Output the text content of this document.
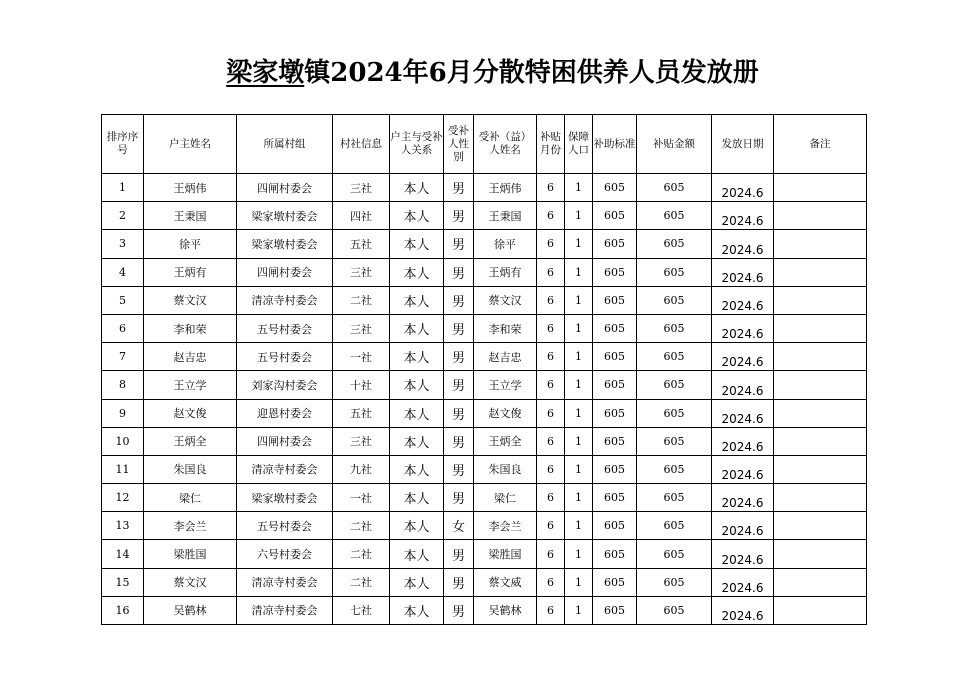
梁家墩镇2024年6月分散特困供养人员发放册
排序序号	户主姓名	所属村组	村社信息	户主与受补人关系	受补人性别	受补（益）人姓名	补贴月份	保障人口	补助标准	补贴金额	发放日期	备注
1	王炳伟	四闸村委会	三社	本人	男	王炳伟	6	1	605	605	2024.6	
2	王秉国	梁家墩村委会	四社	本人	男	王秉国	6	1	605	605	2024.6	
3	徐平	梁家墩村委会	五社	本人	男	徐平	6	1	605	605	2024.6	
4	王炳有	四闸村委会	三社	本人	男	王炳有	6	1	605	605	2024.6	
5	蔡文汉	清凉寺村委会	二社	本人	男	蔡文汉	6	1	605	605	2024.6	
6	李和荣	五号村委会	三社	本人	男	李和荣	6	1	605	605	2024.6	
7	赵吉忠	五号村委会	一社	本人	男	赵吉忠	6	1	605	605	2024.6	
8	王立学	刘家沟村委会	十社	本人	男	王立学	6	1	605	605	2024.6	
9	赵文俊	迎恩村委会	五社	本人	男	赵文俊	6	1	605	605	2024.6	
10	王炳全	四闸村委会	三社	本人	男	王炳全	6	1	605	605	2024.6	
11	朱国良	清凉寺村委会	九社	本人	男	朱国良	6	1	605	605	2024.6	
12	梁仁	梁家墩村委会	一社	本人	男	梁仁	6	1	605	605	2024.6	
13	李会兰	五号村委会	二社	本人	女	李会兰	6	1	605	605	2024.6	
14	梁胜国	六号村委会	二社	本人	男	梁胜国	6	1	605	605	2024.6	
15	蔡文汉	清凉寺村委会	二社	本人	男	蔡文威	6	1	605	605	2024.6	
16	吴鹤林	清凉寺村委会	七社	本人	男	吴鹤林	6	1	605	605	2024.6	
